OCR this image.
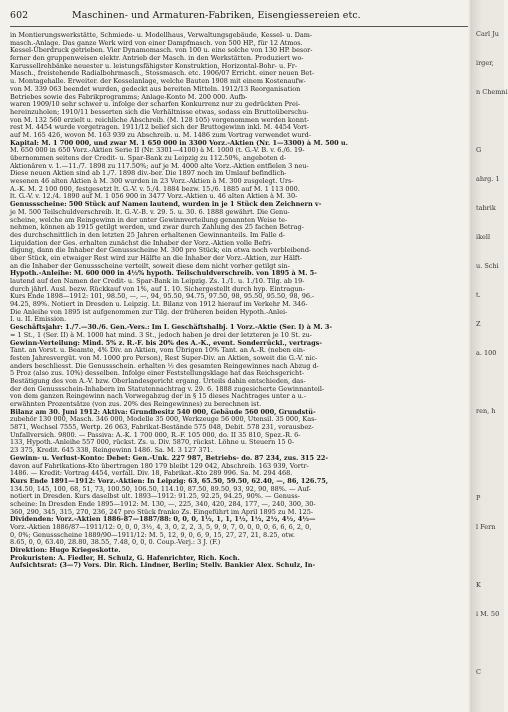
602	Maschinen- und Armaturen-Fabriken, Eisengiessereien etc.

in Montierungswerkstätte, Schmiede- u. Modellhaus, Verwaltungsgebäude, Kessel- u. Dam-

masch.-Anlage. Das ganze Werk wird von einer Dampfmasch. von 500 HP., für 12 Atmos.

Kessel-Überdruck getrieben. Vier Dynamomasch. von 100 u. eine solche von 130 HP. besor-

ferner den gruppenweisen elektr. Antrieb der Masch. in den Werkstätten. Produziert wo-

Karussellrehbänke neuester u. leistungsfähigster Konstruktion, Horizontal-Bohr- u. Fr-

Masch., freistehende Radialbohrmasch., Stossmasch. etc. 1906/07 Erricht. einer neuen Bet-

u. Montagehalle. Erweiter. der Kesselanlage, welche Bauten 1908 mit einem Kostenaufw-

von M. 339 063 beendet wurden, gedeckt aus bereiten Mitteln. 1912/13 Reorganisation

Betriebes sowie des Fabrikprogramms; Anlage-Konto M. 200 000. Aufb-

waren 1909/10 sehr schwer u. infolge der scharfen Konkurrenz nur zu gedrückten Prei-

hereinzuholen; 1910/11 besserten sich die Verhältnisse etwas, sodass ein Bruttoüberschu-

von M. 132 560 erzielt u. reichliche Abschreib. (M. 128 105) vorgenommen werden konnt-

rest M. 4454 wurde vorgetragen. 1911/12 belief sich der Bruttogewinn inkl. M. 4454 Vort-

auf M. 165 426, wovon M. 163 939 zu Abschreib. u. M. 1486 zum Vortrag verwendet wurd-

Kapital: M. 1 700 000, und zwar M. 1 650 000 in 3300 Vorz.-Aktien (Nr. 1—3300) à M. 500 u.

M. 650 000 in 650 Vorz.-Aktien Serie II (Nr. 3301—4100) à M. 1000 (t. G.-V. B. v. 6./6. 19-

übernommen seitens der Credit- u. Spar-Bank zu Leipzig zu 112.50%, angeboten d-

Aktionären v. 1.—11./7. 1898 zu 117.50%; auf je M. 4000 alte Vorz.-Aktien entfielen 3 neu-

Diese neuen Aktien sind ab 1./7. 1898 div.-ber. Die 1897 noch im Umlauf befindlich-

wesenen 46 alten Aktien à M. 300 wurden in 23 Vorz.-Aktien à M. 300 zusgelegt. Urs-

A.-K. M. 2 100 000, festgesetzt lt. G.-V. v. 5./4. 1884 bezw. 15./6. 1885 auf M. 1 113 000.

lt. G.-V. v. 12./4. 1890 auf M. 1 056 900 in 3477 Vorz.-Aktien u. 46 alten Aktien à M. 30-

Genussscheine: 500 Stück auf Namen lautend, wurden in je 1 Stück den Zeichnern v-

je M. 500 Teilschuldverschreib. lt. G.-V.-B. v. 29. 5. u. 30. 6. 1888 gewährt. Die Genu-

scheine, welche am Reingewinn in der unter Gewinnverteilung genannten Weise te-

nehmen, können ab 1915 getilgt werden, und zwar durch Zahlung des 25 fachen Betrag-

des durchschnittlich in den letzten 25 Jahren erhaltenen Gewinnanteils. Im Falle d-

Liquidation der Ges. erhalten zunächst die Inhaber der Vorz.-Aktien volle Befri-

digung, dann die Inhaber der Genussscheine M. 300 pro Stück; ein etwa noch verbleibend-

über Stück, ein etwaiger Rest wird zur Hälfte an die Inhaber der Vorz.-Aktien, zur Hälft-

an die Inhaber der Genussscheine verteilt, soweit diese dem nicht vorher getilgt sin-

Hypoth.-Anleihe: M. 600 000 in 4½% hypoth. Teilschuldverschreib. von 1895 à M. 5-

lautend auf den Namen der Credit- u. Spar-Bank in Leipzig. Zs. 1./1. u. 1./10. Tilg. ab 19-

durch jährl. Ausl. bezw. Rückkauf von 1%, auf 1. 10. Sichergestellt durch hyp. Eintragun-

Kurs Ende 1898—1912: 101, 98.50, —, —, 94, 95.50, 94.75, 97.50, 98, 95.50, 95.50, 98, 96.-

94.25, 89%. Notiert in Dresden u. Leipzig. Lt. Bilanz von 1912 hierauf im Verkehr M. 346-

Die Anleihe von 1895 ist aufgenommen zur Tilg. der früheren beiden Hypoth.-Anlei-

I. u. II. Emission.

Geschäftsjahr: 1./7.—30./6. Gen.-Vers.: Im I. Geschäftshalbj. 1 Vorz.-Aktie (Ser. I) à M. 3-

= 1 St., 1 (Ser. II) à M. 1000 hat mind. 3 St., jedoch haben je drei der letzteren je 10 St. zu-

Gewinn-Verteilung: Mind. 5% z. R.-F. bis 20% des A.-K., event. Sonderrückl., vertrags-

Tant. an Vorst. u. Beamte, 4% Div. an Aktien, vom Übrigen 10% Tant. an A.-R. (neben ein-

festen Jahresvergüt. von M. 1000 pro Person), Rest Super-Div. an Aktien, soweit die G.-V. nic-

anders beschliesst. Die Genussschein. erhalten ½ des gesamten Reingewinnes nach Abzug d-

5 Proz (also zus. 10%) desselben. Infolge einer Feststellungsklage hat das Reichsgericht-

Bestätigung des von A.-V. bzw. Oberlandesgericht ergang. Urteils dahin entschieden, das-

der den Genussschein-Inhabern im Statutennachtrag v. 29. 6. 1888 zugesicherte Gewinnanteil-

von dem ganzen Reingewinn nach Vorwegabzug der in § 15 dieses Nachtrages unter a u.-

erwähnten Prozentsätze (von zus. 20% des Reingewinnes) zu berechnen ist.

Bilanz am 30. Juni 1912: Aktiva: Grundbesitz 540 000, Gebäude 560 000, Grundstü-

zubehör 130 000, Masch. 346 000, Modelle 35 000, Werkzeuge 56 000, Utensil. 35 000, Kas-

5871, Wechsel 7555, Wertp. 26 063, Fabrikat-Bestände 575 048, Debit. 578 231, vorausbez-

Unfallversich. 9800. — Passiva: A.-K. 1 700 000, R.-F. 105 000, do. II 35 810, Spez.-R. 6-

133, Hypoth.-Anleihe 557 000, rückst. Zs. u. Div. 5870, rückst. Löhne u. Steuern 15 0-

23 375, Kredit. 645 338, Reingewinn 1486. Sa. M. 3 127 371.

Gewinn- u. Verlust-Konto: Debet: Gen.-Unk. 227 987, Betriebs- do. 87 234, zus. 315 22-

davon auf Fabrikations-Kto übertragen 180 179 bleibt 129 042, Abschreib. 163 939, Vortr-

1486. — Kredit: Vortrag 4454, verfall. Div. 18, Fabrikat.-Kto 289 996. Sa. M. 294 468.

Kurs Ende 1891—1912: Vorz.-Aktien: In Leipzig: 63, 65.50, 59.50, 62.40, —, 86, 126.75,

134.50, 145, 100, 68, 51, 73, 100.50, 106.50, 114.10, 87.50, 89.50, 93, 92, 90, 88%. — Auf-

notiert in Dresden. Kurs daselbst ult. 1893—1912: 91.25, 92.25, 94.25, 90%. — Genuss-

scheine: In Dresden Ende 1895—1912: M. 130, —, 225, 340, 420, 284, 177, —, 240, 300, 30-

360, 290, 345, 315, 270, 236, 247 pro Stück franko Zs. Eingeführt im April 1895 zu M. 125-

Dividenden: Vorz.-Aktien 1886-87—1887/88: 0, 0, 0, 1½, 1, 1, 1½, 1½, 2½, 4½, 4½—

Vorz.-Aktien 1886/87—1911/12: 0, 0, 0, 3½, 4, 3, 0, 2, 2, 3, 5, 9, 9, 7, 0, 0, 0, 0, 6, 6, 6, 2, 0,

0, 0%; Genussscheine 1889/90—1911/12: M. 5, 12, 9, 0, 6, 9, 15, 27, 27, 21, 8.25, otw.

8.65, 0, 0, 63.40, 28.80, 38.55, 7.48, 0, 0, 0. Coup.-Verj.: 3 J. (F.)

Direktion: Hugo Kriegeskotte.

Prokuristen: A. Fiedler, H. Schulz, G. Hafenrichter, Rich. Koch.

Aufsichtsrat: (3—7) Vors. Dir. Rich. Lindner, Berlin; Stellv. Bankier Alex. Schulz, In-

Carl Ju

irger,

n Chemni

G

ahrg. 1

tabrik

ikell

u. Schi

t.

Z

a. 100

ren, h

P

l Fern

K

i M. 50

C
